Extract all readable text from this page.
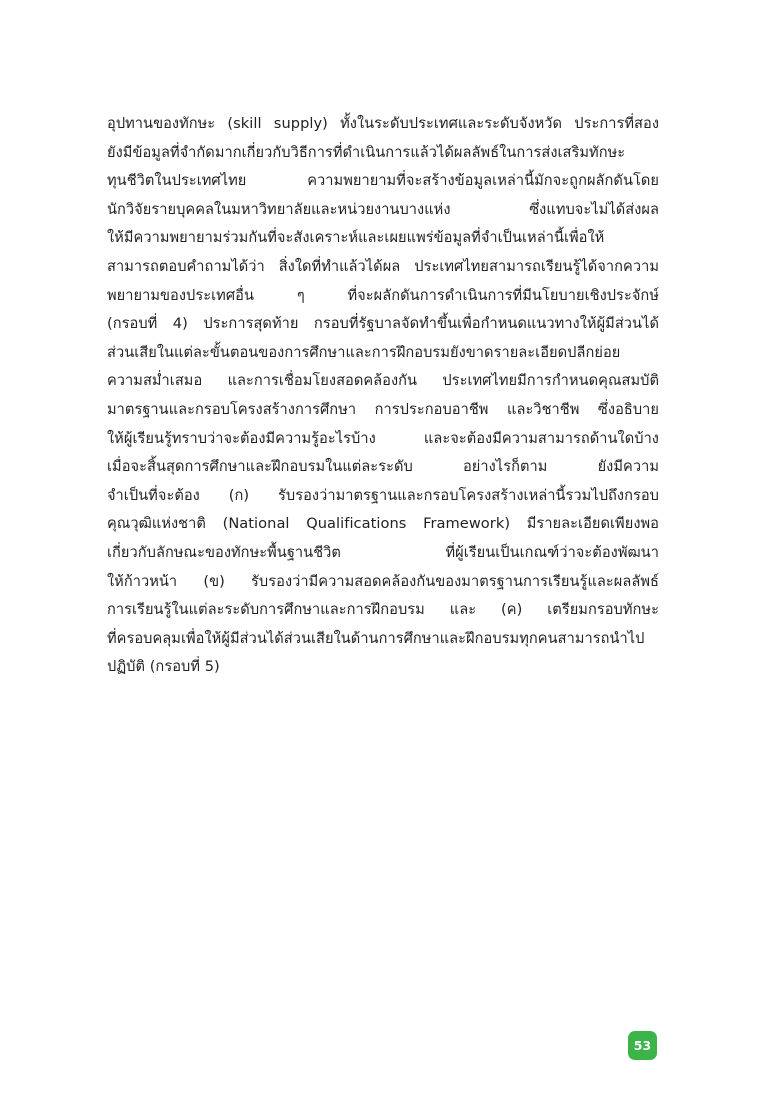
อุปทานของทักษะ (skill supply) ทั้งในระดับประเทศและระดับจังหวัด ประการที่สอง
ยังมีข้อมูลที่จำกัดมากเกี่ยวกับวิธีการที่ดำเนินการแล้วได้ผลลัพธ์ในการส่งเสริมทักษะ
ทุนชีวิตในประเทศไทย ความพยายามที่จะสร้างข้อมูลเหล่านี้มักจะถูกผลักดันโดย
นักวิจัยรายบุคคลในมหาวิทยาลัยและหน่วยงานบางแห่ง ซึ่งแทบจะไม่ได้ส่งผล
ให้มีความพยายามร่วมกันที่จะสังเคราะห์และเผยแพร่ข้อมูลที่จำเป็นเหล่านี้เพื่อให้
สามารถตอบคำถามได้ว่า สิ่งใดที่ทำแล้วได้ผล ประเทศไทยสามารถเรียนรู้ได้จากความ
พยายามของประเทศอื่น ๆ ที่จะผลักดันการดำเนินการที่มีนโยบายเชิงประจักษ์
(กรอบที่ 4) ประการสุดท้าย กรอบที่รัฐบาลจัดทำขึ้นเพื่อกำหนดแนวทางให้ผู้มีส่วนได้
ส่วนเสียในแต่ละขั้นตอนของการศึกษาและการฝึกอบรมยังขาดรายละเอียดปลีกย่อย
ความสม่ำเสมอ และการเชื่อมโยงสอดคล้องกัน ประเทศไทยมีการกำหนดคุณสมบัติ
มาตรฐานและกรอบโครงสร้างการศึกษา การประกอบอาชีพ และวิชาชีพ ซึ่งอธิบาย
ให้ผู้เรียนรู้ทราบว่าจะต้องมีความรู้อะไรบ้าง และจะต้องมีความสามารถด้านใดบ้าง
เมื่อจะสิ้นสุดการศึกษาและฝึกอบรมในแต่ละระดับ อย่างไรก็ตาม ยังมีความ
จำเป็นที่จะต้อง (ก) รับรองว่ามาตรฐานและกรอบโครงสร้างเหล่านี้รวมไปถึงกรอบ
คุณวุฒิแห่งชาติ (National Qualifications Framework) มีรายละเอียดเพียงพอ
เกี่ยวกับลักษณะของทักษะพื้นฐานชีวิต ที่ผู้เรียนเป็นเกณฑ์ว่าจะต้องพัฒนา
ให้ก้าวหน้า (ข) รับรองว่ามีความสอดคล้องกันของมาตรฐานการเรียนรู้และผลลัพธ์
การเรียนรู้ในแต่ละระดับการศึกษาและการฝึกอบรม และ (ค) เตรียมกรอบทักษะ
ที่ครอบคลุมเพื่อให้ผู้มีส่วนได้ส่วนเสียในด้านการศึกษาและฝึกอบรมทุกคนสามารถนำไป
ปฏิบัติ (กรอบที่ 5)
53
